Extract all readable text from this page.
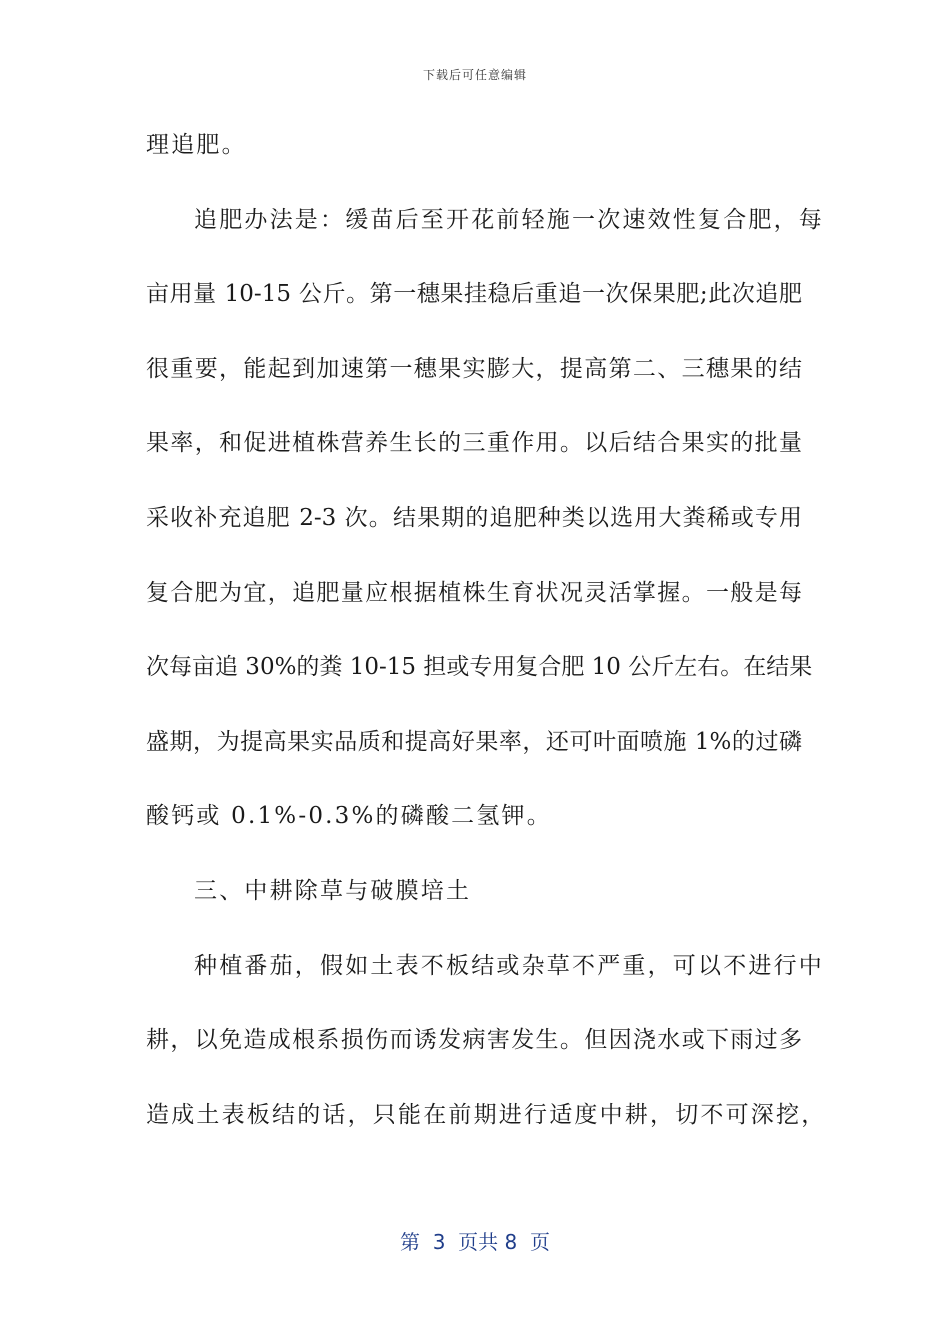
下载后可任意编辑
理追肥。
追肥办法是：缓苗后至开花前轻施一次速效性复合肥，每
亩用量 10-15 公斤。第一穗果挂稳后重追一次保果肥;此次追肥
很重要，能起到加速第一穗果实膨大，提高第二、三穗果的结
果率，和促进植株营养生长的三重作用。以后结合果实的批量
采收补充追肥 2-3 次。结果期的追肥种类以选用大粪稀或专用
复合肥为宜，追肥量应根据植株生育状况灵活掌握。一般是每
次每亩追 30%的粪 10-15 担或专用复合肥 10 公斤左右。在结果
盛期，为提高果实品质和提高好果率，还可叶面喷施 1%的过磷
酸钙或 0.1%-0.3%的磷酸二氢钾。
三、中耕除草与破膜培土
种植番茄，假如土表不板结或杂草不严重，可以不进行中
耕，以免造成根系损伤而诱发病害发生。但因浇水或下雨过多
造成土表板结的话，只能在前期进行适度中耕，切不可深挖，
第  3  页共 8  页
